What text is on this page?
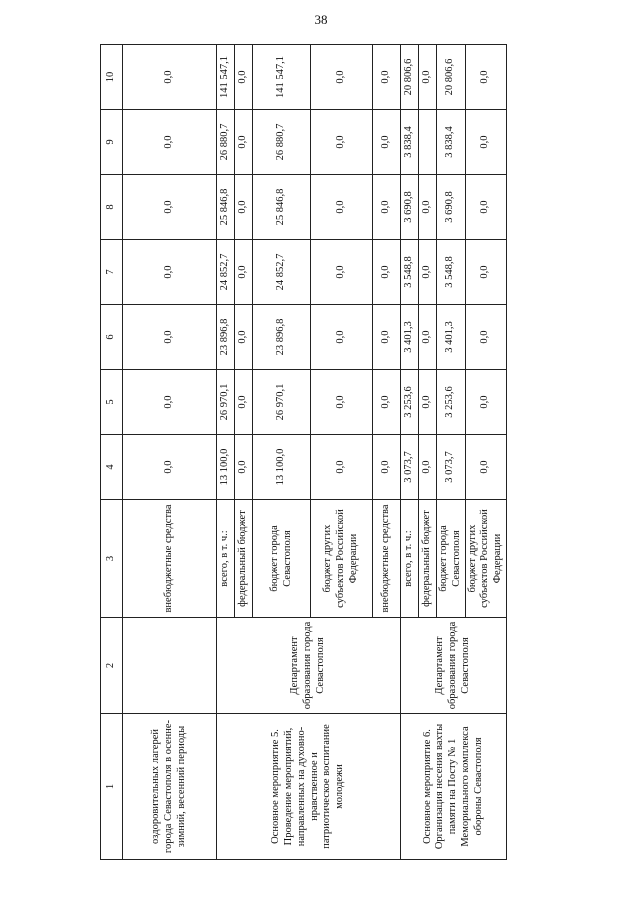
38
1	2	3	4	5	6	7	8	9	10
оздоровительных лагерей города Севастополя в осенне-зимний, весенний периоды		внебюджетные средства	0,0	0,0	0,0	0,0	0,0	0,0	0,0
Основное мероприятие 5. Проведение мероприятий, направленных на духовно-нравственное и патриотическое воспитание молодежи	Департамент образования города Севастополя	всего, в т. ч.:	13 100,0	26 970,1	23 896,8	24 852,7	25 846,8	26 880,7	141 547,1
		федеральный бюджет	0,0	0,0	0,0	0,0	0,0	0,0	0,0
		бюджет города Севастополя	13 100,0	26 970,1	23 896,8	24 852,7	25 846,8	26 880,7	141 547,1
		бюджет других субъектов Российской Федерации	0,0	0,0	0,0	0,0	0,0	0,0	0,0
		внебюджетные средства	0,0	0,0	0,0	0,0	0,0	0,0	0,0
Основное мероприятие 6. Организация несения вахты памяти на Посту № 1 Мемориального комплекса обороны Севастополя	Департамент образования города Севастополя	всего, в т. ч.:	3 073,7	3 253,6	3 401,3	3 548,8	3 690,8	3 838,4	20 806,6
		федеральный бюджет	0,0	0,0	0,0	0,0	0,0		0,0
		бюджет города Севастополя	3 073,7	3 253,6	3 401,3	3 548,8	3 690,8	3 838,4	20 806,6
		бюджет других субъектов Российской Федерации	0,0	0,0	0,0	0,0	0,0	0,0	0,0
